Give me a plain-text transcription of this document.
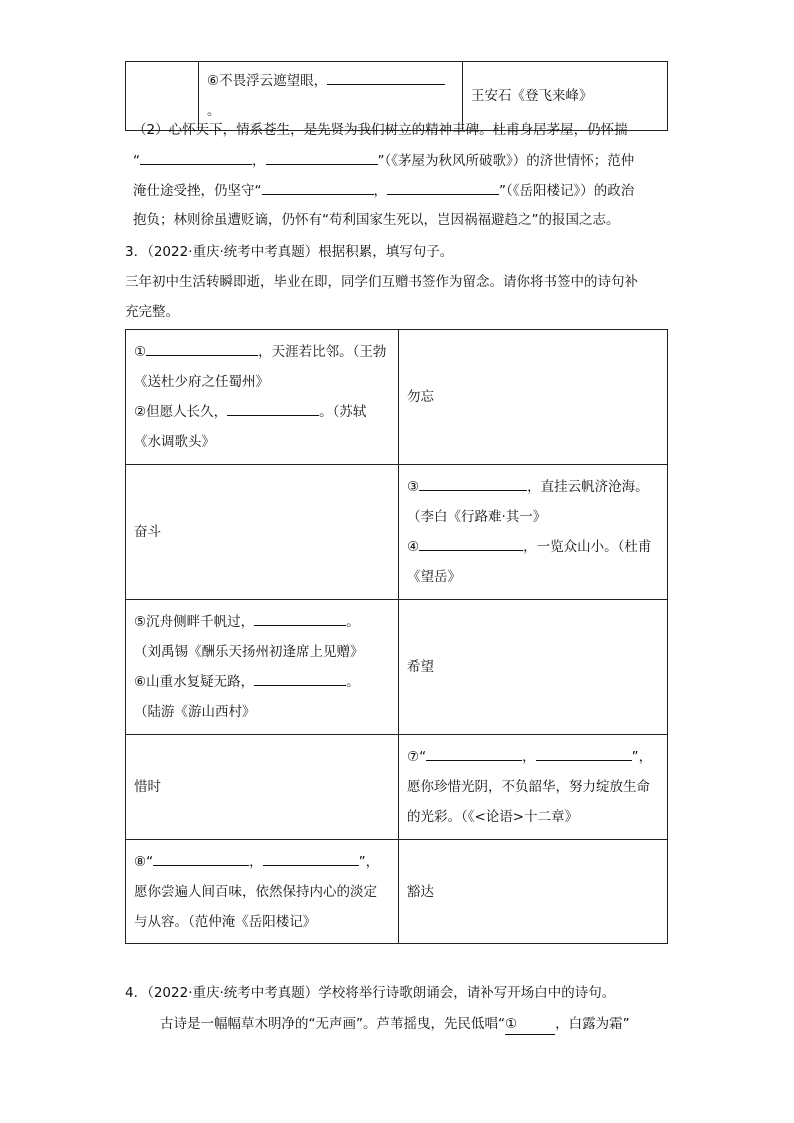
	⑥不畏浮云遮望眼，。	王安石《登飞来峰》
（2）心怀天下，情系苍生，是先贤为我们树立的精神丰碑。杜甫身居茅屋，仍怀揣
“	，	”（《茅屋为秋风所破歌》）的济世情怀；范仲
淹仕途受挫，仍坚守“	，	”（《岳阳楼记》）的政治
抱负；林则徐虽遭贬谪，仍怀有“苟利国家生死以，岂因祸福避趋之”的报国之志。
3．（2022·重庆·统考中考真题）根据积累，填写句子。
三年初中生活转瞬即逝，毕业在即，同学们互赠书签作为留念。请你将书签中的诗句补
充完整。
① ，天涯若比邻。（王勃
《送杜少府之任蜀州》
②但愿人长久， 。（苏轼
《水调歌头》	勿忘
奋斗	③ ，直挂云帆济沧海。
（李白《行路难·其一》
④ ，一览众山小。（杜甫
《望岳》

⑤沉舟侧畔千帆过， 。
（刘禹锡《酬乐天扬州初逢席上见赠》
⑥山重水复疑无路， 。
（陆游《游山西村》	希望
惜时	⑦“ ， ”，
愿你珍惜光阴，不负韶华，努力绽放生命
的光彩。（《<论语>十二章》

⑧“ ， ”，
愿你尝遍人间百味，依然保持内心的淡定
与从容。（范仲淹《岳阳楼记》	豁达
4．（2022·重庆·统考中考真题）学校将举行诗歌朗诵会，请补写开场白中的诗句。
古诗是一幅幅草木明净的“无声画”。芦苇摇曳，先民低唱“①	，白露为霜”
